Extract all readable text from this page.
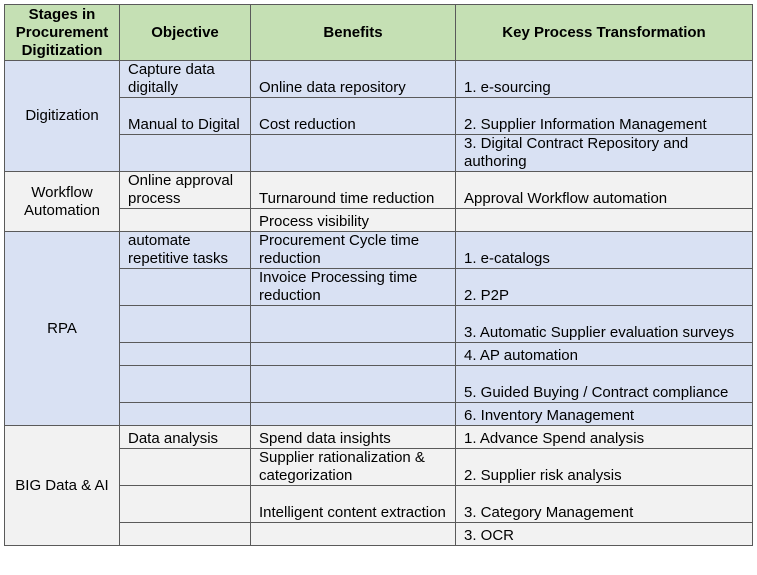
Stages in Procurement Digitization	Objective	Benefits	Key Process Transformation
Digitization	Capture data digitally	Online data repository	1. e-sourcing
	Manual to Digital	Cost reduction	2. Supplier Information Management
			3. Digital Contract Repository and authoring
Workflow Automation	Online approval process	Turnaround time reduction	Approval Workflow automation
		Process visibility	
RPA	automate repetitive tasks	Procurement Cycle time reduction	1. e-catalogs
		Invoice Processing time reduction	2. P2P
			3. Automatic Supplier evaluation surveys
			4. AP automation
			5. Guided Buying / Contract compliance
			6. Inventory Management
BIG Data & AI	Data analysis	Spend data insights	1. Advance Spend analysis
		Supplier rationalization & categorization	2. Supplier risk analysis
		Intelligent content extraction	3. Category Management
			3. OCR
